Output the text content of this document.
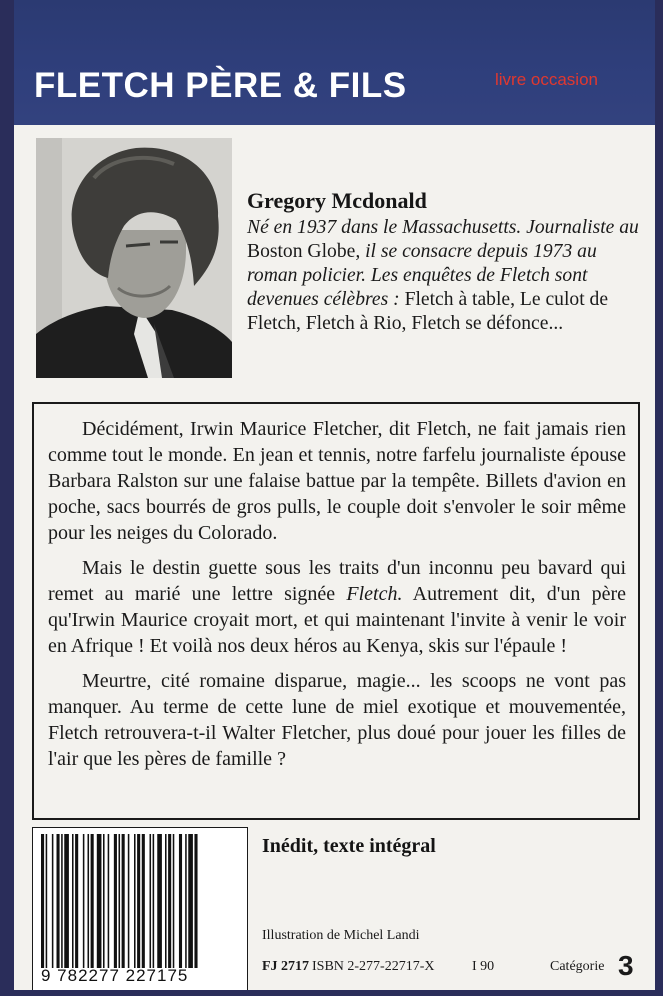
FLETCH PÈRE & FILS	livre occasion
Gregory Mcdonald

Né en 1937 dans le Massachusetts. Journaliste au Boston Globe, il se consacre depuis 1973 au roman policier. Les enquêtes de Fletch sont devenues célèbres : Fletch à table, Le culot de Fletch, Fletch à Rio, Fletch se défonce...

Décidément, Irwin Maurice Fletcher, dit Fletch, ne fait jamais rien comme tout le monde. En jean et tennis, notre farfelu journaliste épouse Barbara Ralston sur une falaise battue par la tempête. Billets d'avion en poche, sacs bourrés de gros pulls, le couple doit s'envoler le soir même pour les neiges du Colorado.

Mais le destin guette sous les traits d'un inconnu peu bavard qui remet au marié une lettre signée Fletch. Autrement dit, d'un père qu'Irwin Maurice croyait mort, et qui maintenant l'invite à venir le voir en Afrique ! Et voilà nos deux héros au Kenya, skis sur l'épaule !

Meurtre, cité romaine disparue, magie... les scoops ne vont pas manquer. Au terme de cette lune de miel exotique et mouvementée, Fletch retrouvera-t-il Walter Fletcher, plus doué pour jouer les filles de l'air que les pères de famille ?

9 782277 227175
Inédit, texte intégral
Illustration de Michel Landi
FJ 2717 ISBN 2-277-22717-X	I 90	Catégorie 3
